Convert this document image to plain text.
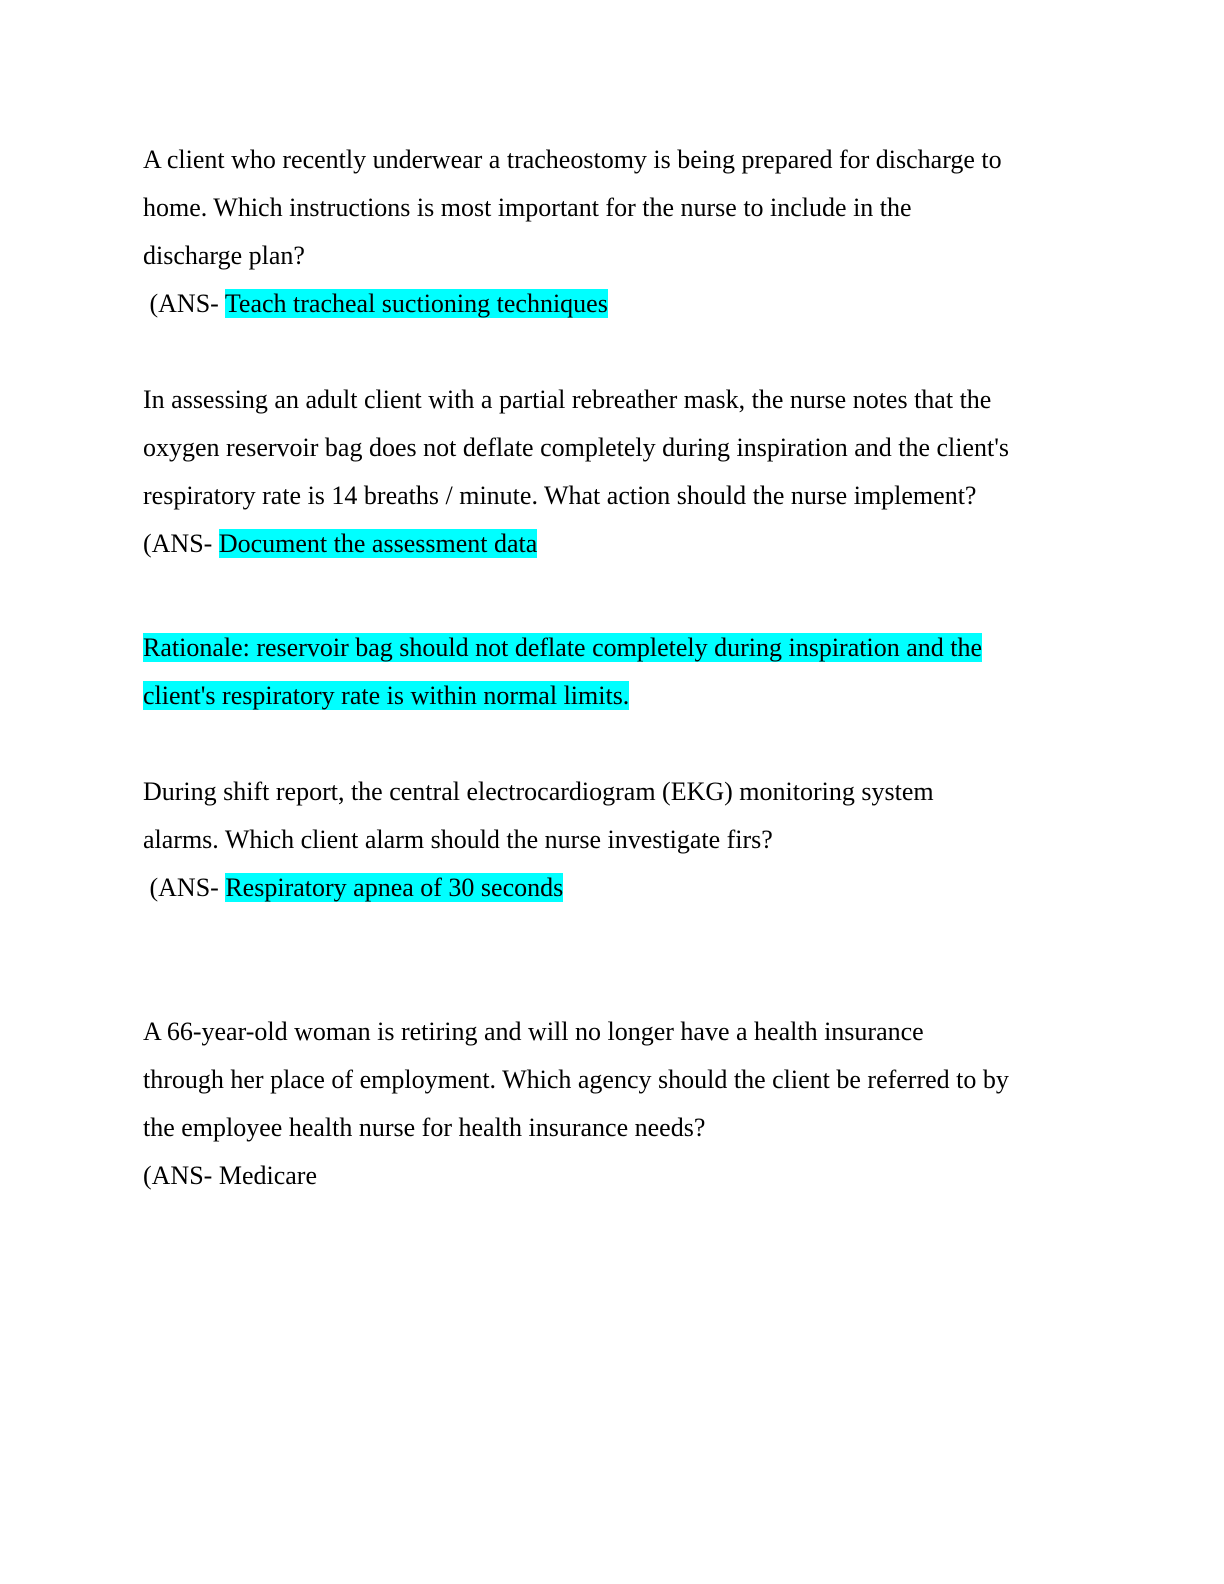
A client who recently underwear a tracheostomy is being prepared for discharge to
home. Which instructions is most important for the nurse to include in the
discharge plan?
(ANS- Teach tracheal suctioning techniques
In assessing an adult client with a partial rebreather mask, the nurse notes that the
oxygen reservoir bag does not deflate completely during inspiration and the client's
respiratory rate is 14 breaths / minute. What action should the nurse implement?
(ANS- Document the assessment data
Rationale: reservoir bag should not deflate completely during inspiration and the
client's respiratory rate is within normal limits.
During shift report, the central electrocardiogram (EKG) monitoring system
alarms. Which client alarm should the nurse investigate firs?
(ANS- Respiratory apnea of 30 seconds
A 66-year-old woman is retiring and will no longer have a health insurance
through her place of employment. Which agency should the client be referred to by
the employee health nurse for health insurance needs?
(ANS- Medicare
